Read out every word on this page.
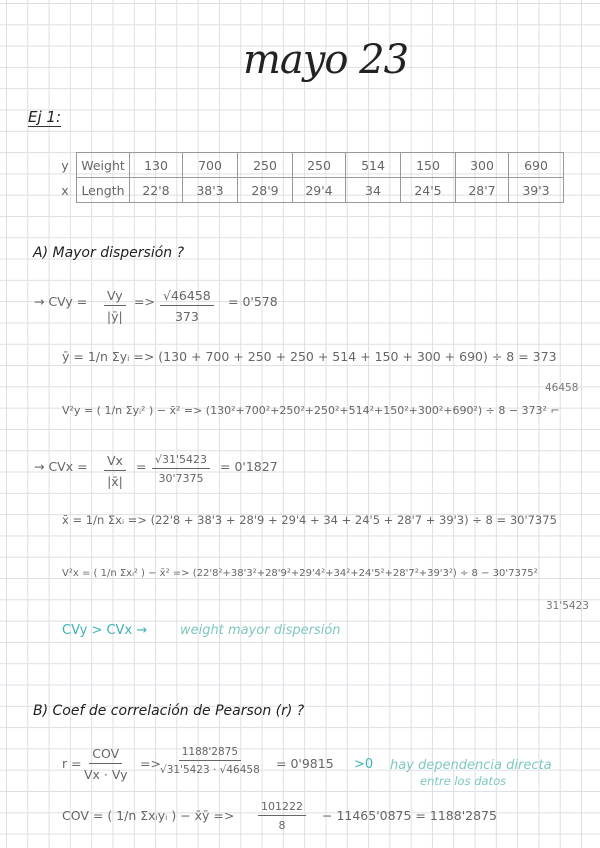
mayo 23
Ej 1:
y	Weight	130	700	250	250	514	150	300	690
x	Length	22'8	38'3	28'9	29'4	34	24'5	28'7	39'3
A) Mayor dispersión ?
→ CVy = $\frac{Vy}{|ȳ|} => \frac{√46458}{373} = 0'578$
ȳ = 1/n Σyᵢ => (130 + 700 + 250 + 250 + 514 + 150 + 300 + 690) ÷ 8 = 373
46458
V²y = ( 1/n Σyᵢ² ) − x̄² => (130²+700²+250²+250²+514²+150²+300²+690²) ÷ 8 − 373² ⌐
→ CVx = $\frac{Vx}{|x̄|} = \frac{√31'5423}{30'7375} = 0'1827$
x̄ = 1/n Σxᵢ => (22'8 + 38'3 + 28'9 + 29'4 + 34 + 24'5 + 28'7 + 39'3) ÷ 8 = 30'7375
V²x = ( 1/n Σxᵢ² ) − x̄² => (22'8²+38'3²+28'9²+29'4²+34²+24'5²+28'7²+39'3²) ÷ 8 − 30'7375²
31'5423
CVy > CVx →	weight mayor dispersión
B) Coef de correlación de Pearson (r) ?
r =
COV
Vx · Vy
=> $\frac{1188'2875}{√31'5423 \cdot √46458} = 0'9815 >0$ hay dependencia directa
entre los datos
COV = ( 1/n Σxᵢyᵢ ) − x̄ȳ => $\frac{101222}{8} - 11465'0875 = 1188'2875$
